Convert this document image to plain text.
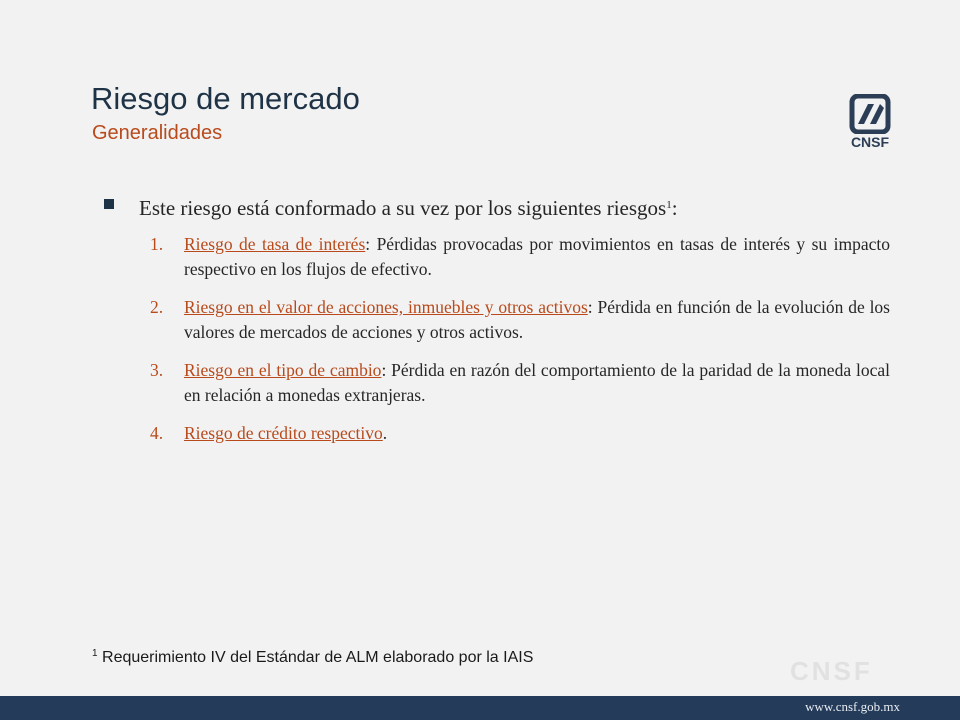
Riesgo de mercado
Generalidades	CNSF
Este riesgo está conformado a su vez por los siguientes riesgos$^1$:
1. Riesgo de tasa de interés: Pérdidas provocadas por movimientos en tasas de interés y su impacto respectivo en los flujos de efectivo.
2. Riesgo en el valor de acciones, inmuebles y otros activos: Pérdida en función de la evolución de los valores de mercados de acciones y otros activos.
3. Riesgo en el tipo de cambio: Pérdida en razón del comportamiento de la paridad de la moneda local en relación a monedas extranjeras.
4. Riesgo de crédito respectivo.
$^1$ Requerimiento IV del Estándar de ALM elaborado por la IAIS	CNSF
www.cnsf.gob.mx
